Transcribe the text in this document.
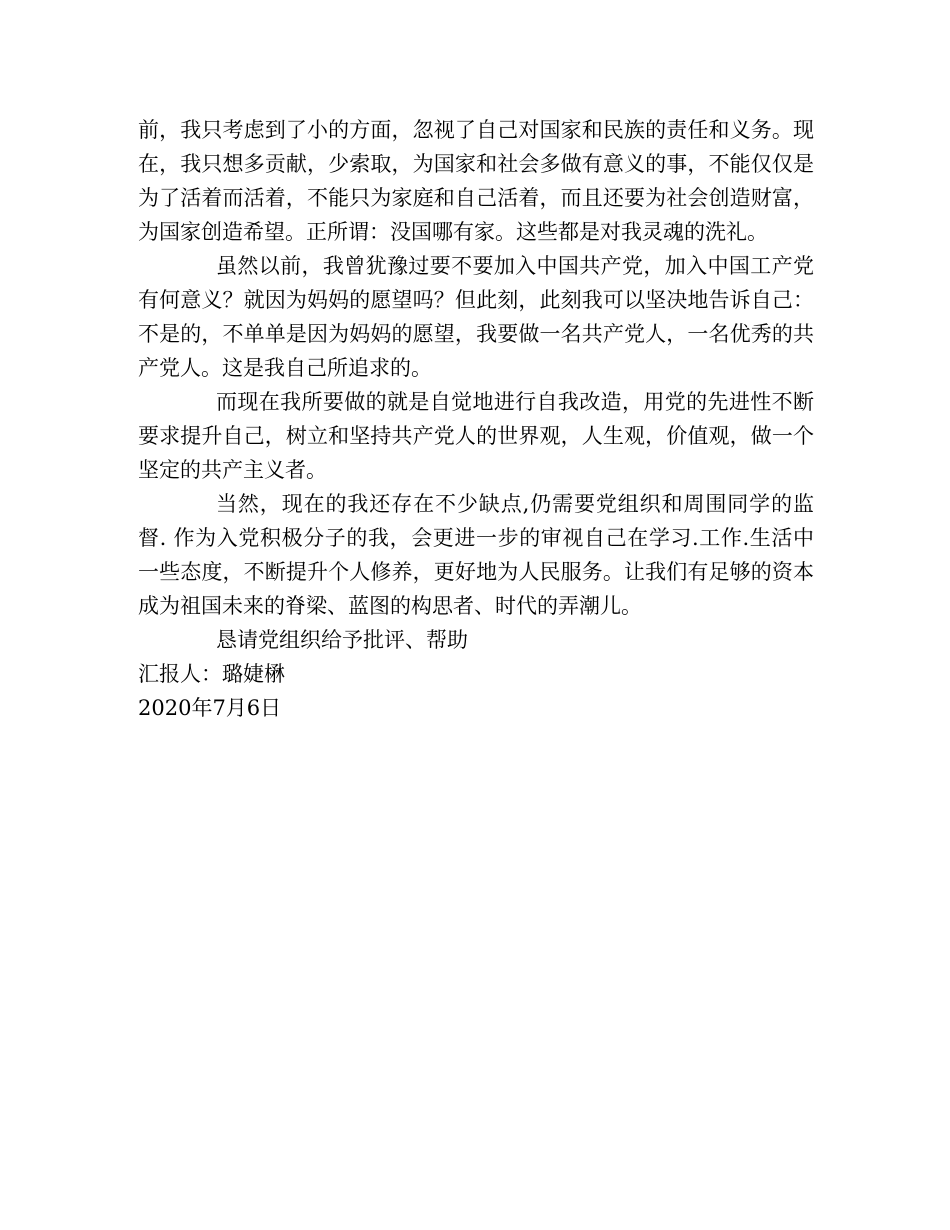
前，我只考虑到了小的方面，忽视了自己对国家和民族的责任和义务。现在，我只想多贡献，少索取，为国家和社会多做有意义的事，不能仅仅是为了活着而活着，不能只为家庭和自己活着，而且还要为社会创造财富，为国家创造希望。正所谓：没国哪有家。这些都是对我灵魂的洗礼。

虽然以前，我曾犹豫过要不要加入中国共产党，加入中国工产党有何意义？就因为妈妈的愿望吗？但此刻，此刻我可以坚决地告诉自己：不是的，不单单是因为妈妈的愿望，我要做一名共产党人，一名优秀的共产党人。这是我自己所追求的。

而现在我所要做的就是自觉地进行自我改造，用党的先进性不断要求提升自己，树立和坚持共产党人的世界观，人生观，价值观，做一个坚定的共产主义者。

当然，现在的我还存在不少缺点,仍需要党组织和周围同学的监督. 作为入党积极分子的我，会更进一步的审视自己在学习.工作.生活中一些态度，不断提升个人修养，更好地为人民服务。让我们有足够的资本成为祖国未来的脊梁、蓝图的构思者、时代的弄潮儿。

恳请党组织给予批评、帮助

汇报人：璐婕楙

2020年7月6日
